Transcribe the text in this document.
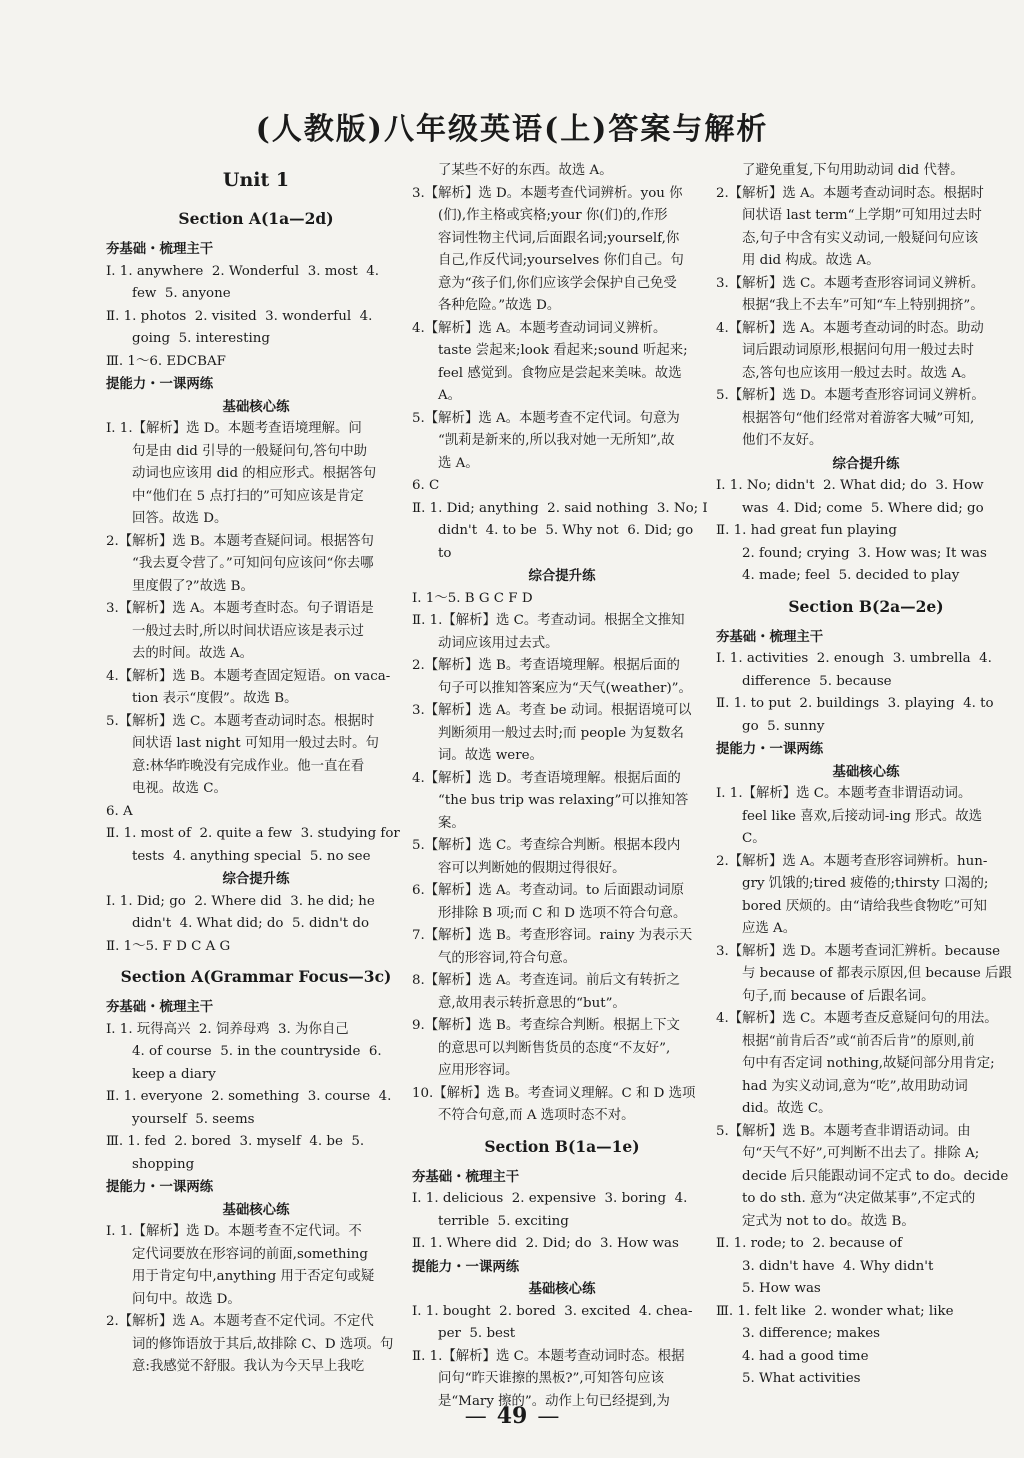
(人教版)八年级英语(上)答案与解析

Unit 1

Section A(1a—2d)

夯基础・梳理主干

Ⅰ. 1. anywhere  2. Wonderful  3. most  4.

few  5. anyone

Ⅱ. 1. photos  2. visited  3. wonderful  4.

going  5. interesting

Ⅲ. 1～6. EDCBAF

提能力・一课两练

基础核心练

Ⅰ. 1.【解析】选 D。本题考查语境理解。问

句是由 did 引导的一般疑问句,答句中助

动词也应该用 did 的相应形式。根据答句

中“他们在 5 点打扫的”可知应该是肯定

回答。故选 D。

2.【解析】选 B。本题考查疑问词。根据答句

“我去夏令营了。”可知问句应该问“你去哪

里度假了?”故选 B。

3.【解析】选 A。本题考查时态。句子谓语是

一般过去时,所以时间状语应该是表示过

去的时间。故选 A。

4.【解析】选 B。本题考查固定短语。on vaca-

tion 表示“度假”。故选 B。

5.【解析】选 C。本题考查动词时态。根据时

间状语 last night 可知用一般过去时。句

意:林华昨晚没有完成作业。他一直在看

电视。故选 C。

6. A

Ⅱ. 1. most of  2. quite a few  3. studying for

tests  4. anything special  5. no see

综合提升练

Ⅰ. 1. Did; go  2. Where did  3. he did; he

didn't  4. What did; do  5. didn't do

Ⅱ. 1～5. F D C A G

Section A(Grammar Focus—3c)

夯基础・梳理主干

Ⅰ. 1. 玩得高兴  2. 饲养母鸡  3. 为你自己

4. of course  5. in the countryside  6.

keep a diary

Ⅱ. 1. everyone  2. something  3. course  4.

yourself  5. seems

Ⅲ. 1. fed  2. bored  3. myself  4. be  5.

shopping

提能力・一课两练

基础核心练

Ⅰ. 1.【解析】选 D。本题考查不定代词。不

定代词要放在形容词的前面,something

用于肯定句中,anything 用于否定句或疑

问句中。故选 D。

2.【解析】选 A。本题考查不定代词。不定代

词的修饰语放于其后,故排除 C、D 选项。句

意:我感觉不舒服。我认为今天早上我吃

了某些不好的东西。故选 A。

3.【解析】选 D。本题考查代词辨析。you 你

(们),作主格或宾格;your 你(们)的,作形

容词性物主代词,后面跟名词;yourself,你

自己,作反代词;yourselves 你们自己。句

意为“孩子们,你们应该学会保护自己免受

各种危险。”故选 D。

4.【解析】选 A。本题考查动词词义辨析。

taste 尝起来;look 看起来;sound 听起来;

feel 感觉到。食物应是尝起来美味。故选

A。

5.【解析】选 A。本题考查不定代词。句意为

“凯莉是新来的,所以我对她一无所知”,故

选 A。

6. C

Ⅱ. 1. Did; anything  2. said nothing  3. No; I

didn't  4. to be  5. Why not  6. Did; go

to

综合提升练

Ⅰ. 1～5. B G C F D

Ⅱ. 1.【解析】选 C。考查动词。根据全文推知

动词应该用过去式。

2.【解析】选 B。考查语境理解。根据后面的

句子可以推知答案应为“天气(weather)”。

3.【解析】选 A。考查 be 动词。根据语境可以

判断须用一般过去时;而 people 为复数名

词。故选 were。

4.【解析】选 D。考查语境理解。根据后面的

“the bus trip was relaxing”可以推知答案。

5.【解析】选 C。考查综合判断。根据本段内

容可以判断她的假期过得很好。

6.【解析】选 A。考查动词。to 后面跟动词原

形排除 B 项;而 C 和 D 选项不符合句意。

7.【解析】选 B。考查形容词。rainy 为表示天

气的形容词,符合句意。

8.【解析】选 A。考查连词。前后文有转折之

意,故用表示转折意思的“but”。

9.【解析】选 B。考查综合判断。根据上下文

的意思可以判断售货员的态度“不友好”,

应用形容词。

10.【解析】选 B。考查词义理解。C 和 D 选项

不符合句意,而 A 选项时态不对。

Section B(1a—1e)

夯基础・梳理主干

Ⅰ. 1. delicious  2. expensive  3. boring  4.

terrible  5. exciting

Ⅱ. 1. Where did  2. Did; do  3. How was

提能力・一课两练

基础核心练

Ⅰ. 1. bought  2. bored  3. excited  4. chea-

per  5. best

Ⅱ. 1.【解析】选 C。本题考查动词时态。根据

问句“昨天谁擦的黑板?”,可知答句应该

是“Mary 擦的”。动作上句已经提到,为

了避免重复,下句用助动词 did 代替。

2.【解析】选 A。本题考查动词时态。根据时

间状语 last term“上学期”可知用过去时

态,句子中含有实义动词,一般疑问句应该

用 did 构成。故选 A。

3.【解析】选 C。本题考查形容词词义辨析。

根据“我上不去车”可知“车上特别拥挤”。

4.【解析】选 A。本题考查动词的时态。助动

词后跟动词原形,根据问句用一般过去时

态,答句也应该用一般过去时。故选 A。

5.【解析】选 D。本题考查形容词词义辨析。

根据答句“他们经常对着游客大喊”可知,

他们不友好。

综合提升练

Ⅰ. 1. No; didn't  2. What did; do  3. How

was  4. Did; come  5. Where did; go

Ⅱ. 1. had great fun playing

2. found; crying  3. How was; It was

4. made; feel  5. decided to play

Section B(2a—2e)

夯基础・梳理主干

Ⅰ. 1. activities  2. enough  3. umbrella  4.

difference  5. because

Ⅱ. 1. to put  2. buildings  3. playing  4. to

go  5. sunny

提能力・一课两练

基础核心练

Ⅰ. 1.【解析】选 C。本题考查非谓语动词。

feel like 喜欢,后接动词-ing 形式。故选

C。

2.【解析】选 A。本题考查形容词辨析。hun-

gry 饥饿的;tired 疲倦的;thirsty 口渴的;

bored 厌烦的。由“请给我些食物吃”可知

应选 A。

3.【解析】选 D。本题考查词汇辨析。because

与 because of 都表示原因,但 because 后跟

句子,而 because of 后跟名词。

4.【解析】选 C。本题考查反意疑问句的用法。

根据“前肯后否”或“前否后肯”的原则,前

句中有否定词 nothing,故疑问部分用肯定;

had 为实义动词,意为“吃”,故用助动词

did。故选 C。

5.【解析】选 B。本题考查非谓语动词。由

句“天气不好”,可判断不出去了。排除 A;

decide 后只能跟动词不定式 to do。decide

to do sth. 意为“决定做某事”,不定式的

定式为 not to do。故选 B。

Ⅱ. 1. rode; to  2. because of

3. didn't have  4. Why didn't

5. How was

Ⅲ. 1. felt like  2. wonder what; like

3. difference; makes

4. had a good time

5. What activities

— 49 —
